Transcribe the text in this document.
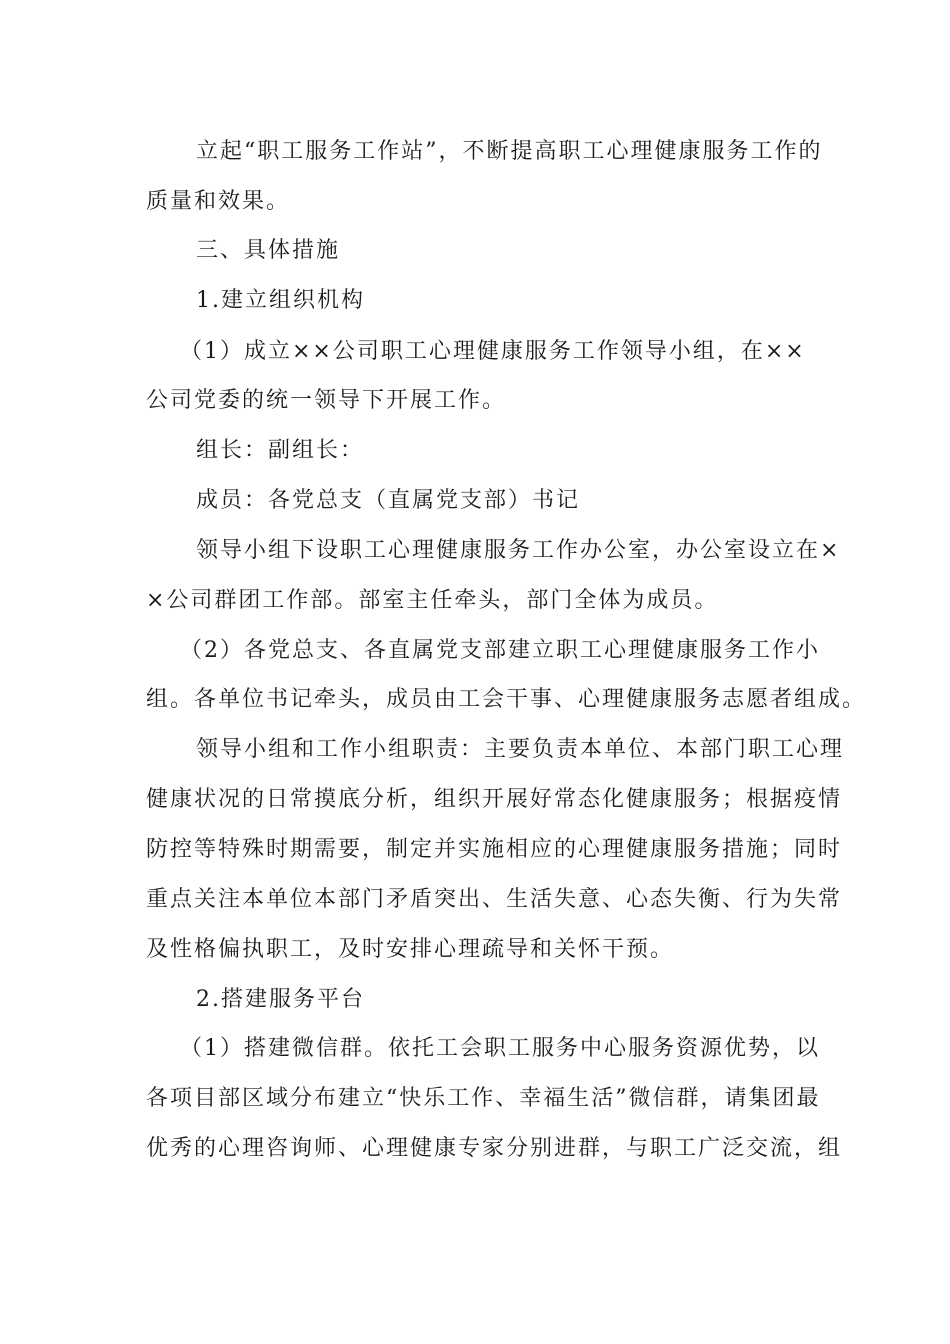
立起“职工服务工作站”，不断提高职工心理健康服务工作的
质量和效果。
三、具体措施
1.建立组织机构
（1）成立××公司职工心理健康服务工作领导小组，在××
公司党委的统一领导下开展工作。
组长：副组长：
成员：各党总支（直属党支部）书记
领导小组下设职工心理健康服务工作办公室，办公室设立在×
×公司群团工作部。部室主任牵头，部门全体为成员。
（2）各党总支、各直属党支部建立职工心理健康服务工作小
组。各单位书记牵头，成员由工会干事、心理健康服务志愿者组成。
领导小组和工作小组职责：主要负责本单位、本部门职工心理
健康状况的日常摸底分析，组织开展好常态化健康服务；根据疫情
防控等特殊时期需要，制定并实施相应的心理健康服务措施；同时
重点关注本单位本部门矛盾突出、生活失意、心态失衡、行为失常
及性格偏执职工，及时安排心理疏导和关怀干预。
2.搭建服务平台
（1）搭建微信群。依托工会职工服务中心服务资源优势，以
各项目部区域分布建立“快乐工作、幸福生活”微信群，请集团最
优秀的心理咨询师、心理健康专家分别进群，与职工广泛交流，组
